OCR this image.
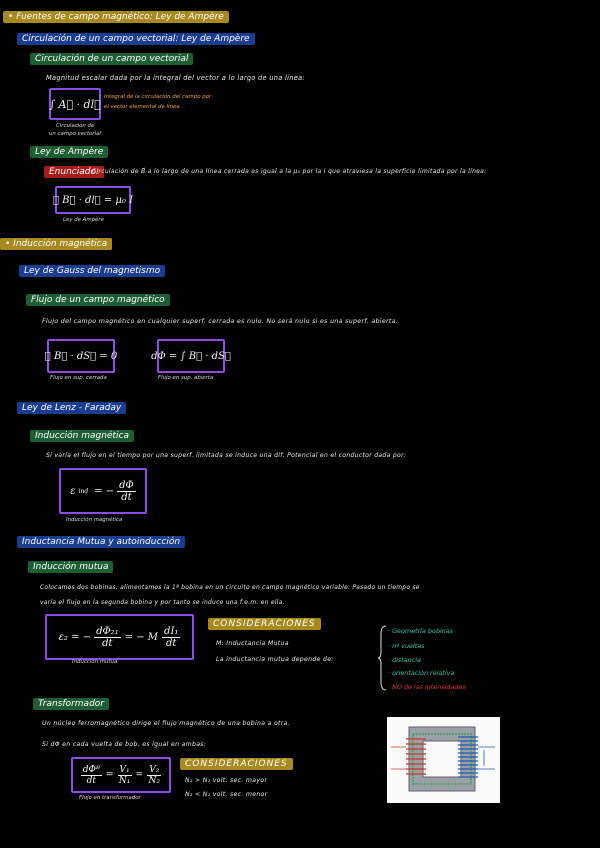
• Fuentes de campo magnético: Ley de Ampère
Circulación de un campo vectorial: Ley de Ampère
Circulación de un campo vectorial
Magnitud escalar dada por la integral del vector a lo largo de una línea:
∫ A⃗ · dl⃗
Integral de la circulación del campo por
el vector elemental de línea
Circulación de
un campo vectorial
Ley de Ampère
Enunciado:
Circulación de B⃗ a lo largo de una línea cerrada es igual a la μ₀ por la I que atraviesa la superficie limitada por la línea:
∮ B⃗ · dl⃗ = μ₀ I
Ley de Ampère
• Inducción magnética
Ley de Gauss del magnetismo
Flujo de un campo magnético
Flujo del campo magnético en cualquier superf. cerrada es nulo. No será nulo si es una superf. abierta.
∮ B⃗ · dS⃗ = 0
Flujo en sup. cerrada
dΦ = ∫ B⃗ · dS⃗
Flujo en sup. abierta
Ley de Lenz - Faraday
Inducción magnética
Si varía el flujo en el tiempo por una superf. limitada se induce una dif. Potencial en el conductor dada por:
ε ind = − $\frac{d\Phi}{dt}$
Inducción magnética
Inductancia Mutua y autoinducción
Inducción mutua
Colocamos dos bobinas, alimentamos la 1ª bobina en un circuito en campo magnético variable. Pasado un tiempo se
varía el flujo en la segunda bobina y por tanto se induce una f.e.m. en ella.
ε₂ = − $\frac{\text{dΦ₂₁}}{dt}$ = − M
dI₁
dt
Inducción mutua
CONSIDERACIONES
M: Inductancia Mutua
La inductancia mutua depende de:
· Geometría bobinas
· nº vueltas
· distancia
· orientación relativa
· NO de las intensidades
Transformador
Un núcleo ferromagnético dirige el flujo magnético de una bobina a otra.
Si dΦ en cada vuelta de bob. es igual en ambas:
dΦᴮ
dt
= $\frac{\text{V₁}}{\text{N₁}} = \frac{\text{V₂}}{\text{N₂}}$
Flujo en transformador
CONSIDERACIONES
N₂ > N₁ volt. sec. mayor
N₂ < N₁ volt. sec. menor
